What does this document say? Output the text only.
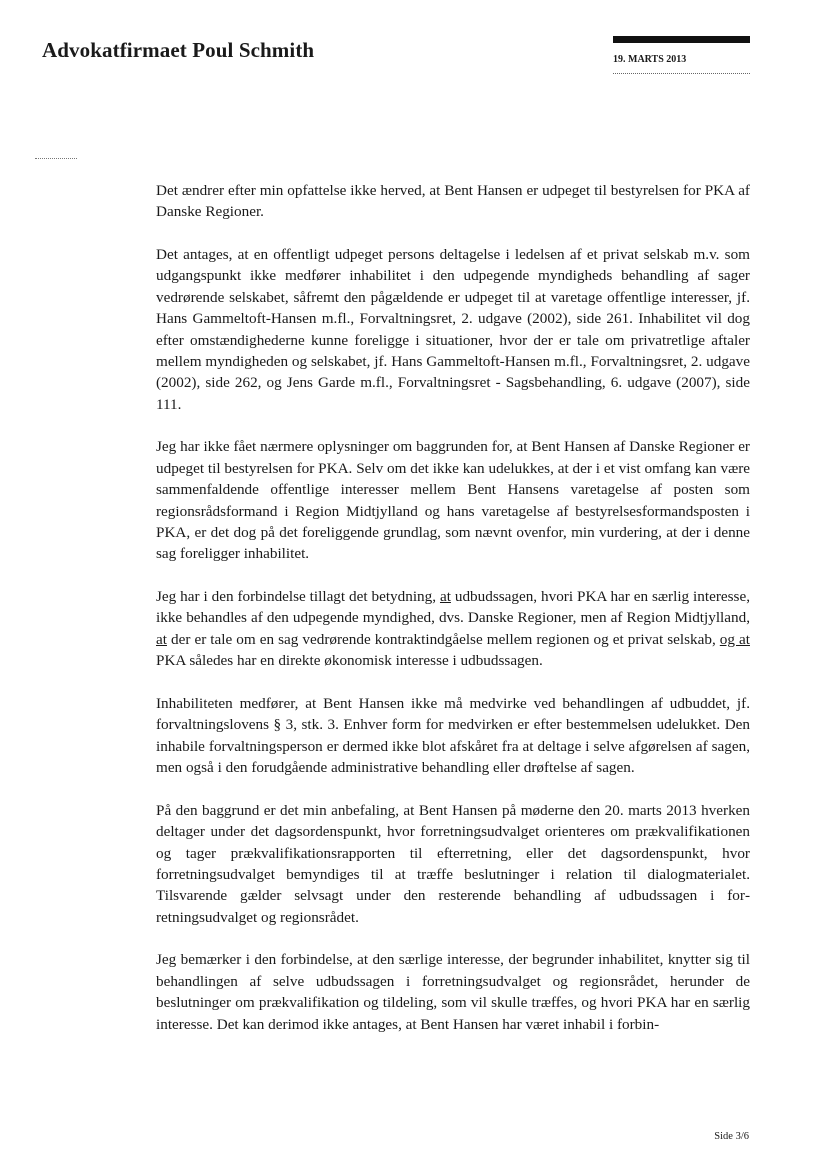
Advokatfirmaet Poul Schmith	19. MARTS 2013

Det ændrer efter min opfattelse ikke herved, at Bent Hansen er udpeget til bestyrelsen for PKA af Danske Regioner.

Det antages, at en offentligt udpeget persons deltagelse i ledelsen af et privat selskab m.v. som udgangspunkt ikke medfører inhabilitet i den udpegende myndigheds behandling af sager vedrørende selskabet, såfremt den pågældende er udpeget til at varetage offentlige interesser, jf. Hans Gammeltoft-Hansen m.fl., Forvaltningsret, 2. udgave (2002), side 261. Inhabilitet vil dog efter omstændighederne kunne foreligge i situationer, hvor der er tale om privatretlige aftaler mellem myndigheden og selskabet, jf. Hans Gammeltoft-Hansen m.fl., Forvaltningsret, 2. udgave (2002), side 262, og Jens Garde m.fl., Forvaltningsret - Sagsbehandling, 6. udgave (2007), side 111.

Jeg har ikke fået nærmere oplysninger om baggrunden for, at Bent Hansen af Danske Regioner er udpeget til bestyrelsen for PKA. Selv om det ikke kan udelukkes, at der i et vist omfang kan være sammenfaldende offentlige interesser mellem Bent Hansens varetagelse af posten som regionsrådsformand i Region Midtjylland og hans varetagelse af bestyrelsesformandsposten i PKA, er det dog på det foreliggende grundlag, som nævnt ovenfor, min vurdering, at der i denne sag foreligger inhabilitet.

Jeg har i den forbindelse tillagt det betydning, at udbudssagen, hvori PKA har en særlig interesse, ikke behandles af den udpegende myndighed, dvs. Danske Regioner, men af Region Midtjylland, at der er tale om en sag vedrørende kontraktindgåelse mellem regionen og et privat selskab, og at PKA således har en direkte økonomisk interesse i udbudssagen.

Inhabiliteten medfører, at Bent Hansen ikke må medvirke ved behandlingen af udbuddet, jf. forvaltningslovens § 3, stk. 3. Enhver form for medvirken er efter bestemmelsen udelukket. Den inhabile forvaltningsperson er dermed ikke blot afskåret fra at deltage i selve afgørelsen af sagen, men også i den forudgående administrative behandling eller drøftelse af sagen.

På den baggrund er det min anbefaling, at Bent Hansen på møderne den 20. marts 2013 hverken deltager under det dagsordenspunkt, hvor forretningsudvalget orienteres om prækvalifikationen og tager prækvalifikationsrapporten til efterretning, eller det dagsordenspunkt, hvor forretningsudvalget bemyndiges til at træffe beslutninger i relation til dialogmaterialet. Tilsvarende gælder selvsagt under den resterende behandling af udbudssagen i forretningsudvalget og regionsrådet.

Jeg bemærker i den forbindelse, at den særlige interesse, der begrunder inhabilitet, knytter sig til behandlingen af selve udbudssagen i forretningsudvalget og regionsrådet, herunder de beslutninger om prækvalifikation og tildeling, som vil skulle træffes, og hvori PKA har en særlig interesse. Det kan derimod ikke antages, at Bent Hansen har været inhabil i forbin-

Side 3/6
